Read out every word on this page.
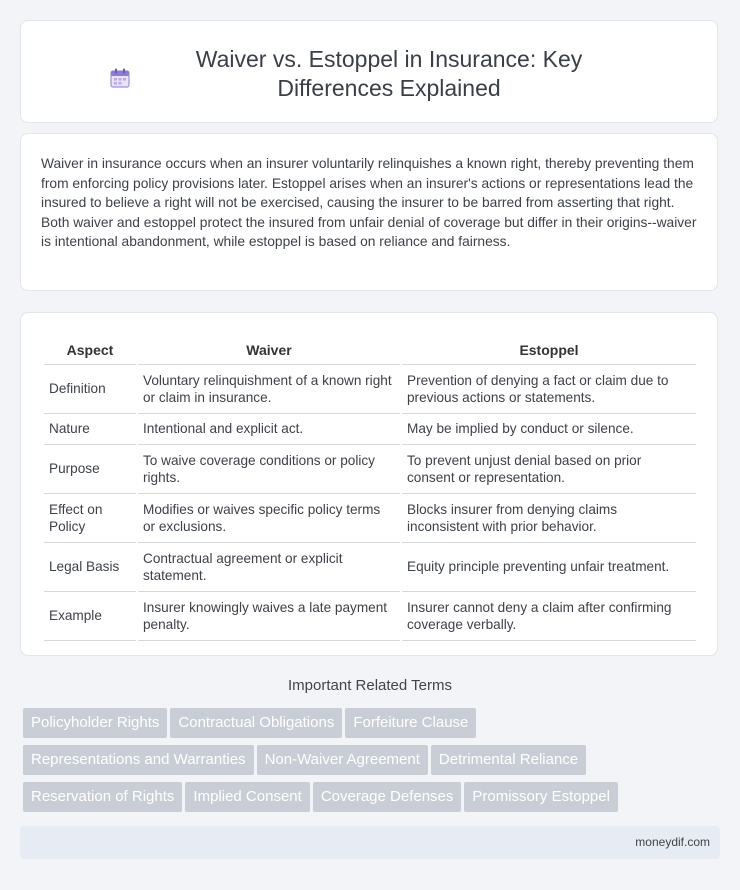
Waiver vs. Estoppel in Insurance: Key Differences Explained
Waiver in insurance occurs when an insurer voluntarily relinquishes a known right, thereby preventing them from enforcing policy provisions later. Estoppel arises when an insurer's actions or representations lead the insured to believe a right will not be exercised, causing the insurer to be barred from asserting that right. Both waiver and estoppel protect the insured from unfair denial of coverage but differ in their origins--waiver is intentional abandonment, while estoppel is based on reliance and fairness.
Aspect	Waiver	Estoppel
Definition	Voluntary relinquishment of a known right or claim in insurance.	Prevention of denying a fact or claim due to previous actions or statements.
Nature	Intentional and explicit act.	May be implied by conduct or silence.
Purpose	To waive coverage conditions or policy rights.	To prevent unjust denial based on prior consent or representation.
Effect on Policy	Modifies or waives specific policy terms or exclusions.	Blocks insurer from denying claims inconsistent with prior behavior.
Legal Basis	Contractual agreement or explicit statement.	Equity principle preventing unfair treatment.
Example	Insurer knowingly waives a late payment penalty.	Insurer cannot deny a claim after confirming coverage verbally.
Important Related Terms
Policyholder Rights Contractual Obligations Forfeiture Clause
Representations and Warranties Non-Waiver Agreement Detrimental Reliance
Reservation of Rights Implied Consent Coverage Defenses Promissory Estoppel
moneydif.com
